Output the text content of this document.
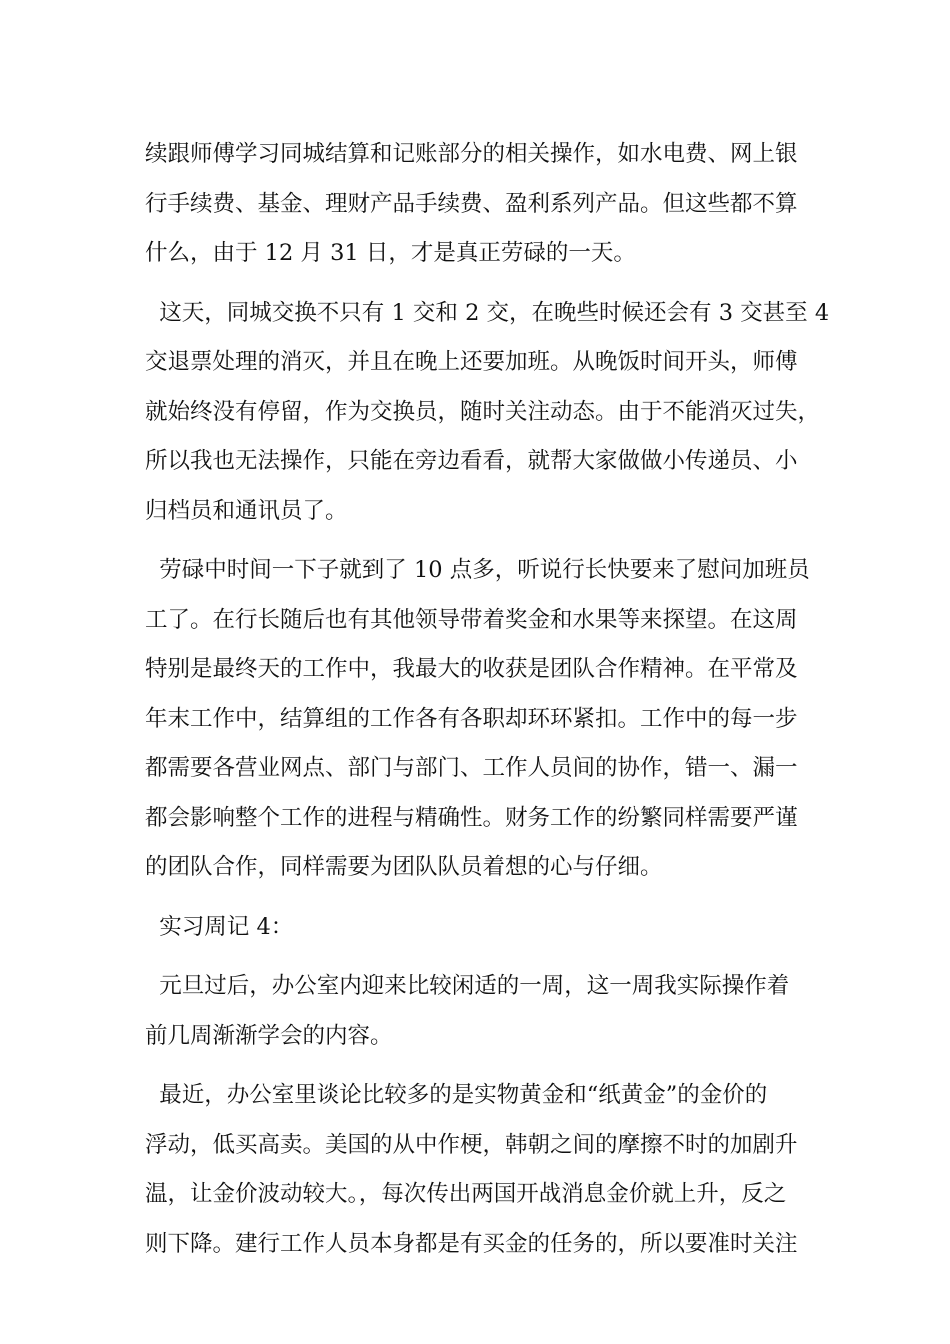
续跟师傅学习同城结算和记账部分的相关操作，如水电费、网上银
行手续费、基金、理财产品手续费、盈利系列产品。但这些都不算
什么，由于 12 月 31 日，才是真正劳碌的一天。
这天，同城交换不只有 1 交和 2 交，在晚些时候还会有 3 交甚至 4
交退票处理的消灭，并且在晚上还要加班。从晚饭时间开头，师傅
就始终没有停留，作为交换员，随时关注动态。由于不能消灭过失，
所以我也无法操作，只能在旁边看看，就帮大家做做小传递员、小
归档员和通讯员了。
劳碌中时间一下子就到了 10 点多，听说行长快要来了慰问加班员
工了。在行长随后也有其他领导带着奖金和水果等来探望。在这周
特别是最终天的工作中，我最大的收获是团队合作精神。在平常及
年末工作中，结算组的工作各有各职却环环紧扣。工作中的每一步
都需要各营业网点、部门与部门、工作人员间的协作，错一、漏一
都会影响整个工作的进程与精确性。财务工作的纷繁同样需要严谨
的团队合作，同样需要为团队队员着想的心与仔细。
实习周记 4：
元旦过后，办公室内迎来比较闲适的一周，这一周我实际操作着
前几周渐渐学会的内容。
最近，办公室里谈论比较多的是实物黄金和“纸黄金”的金价的
浮动，低买高卖。美国的从中作梗，韩朝之间的摩擦不时的加剧升
温，让金价波动较大。，每次传出两国开战消息金价就上升，反之
则下降。建行工作人员本身都是有买金的任务的，所以要准时关注
